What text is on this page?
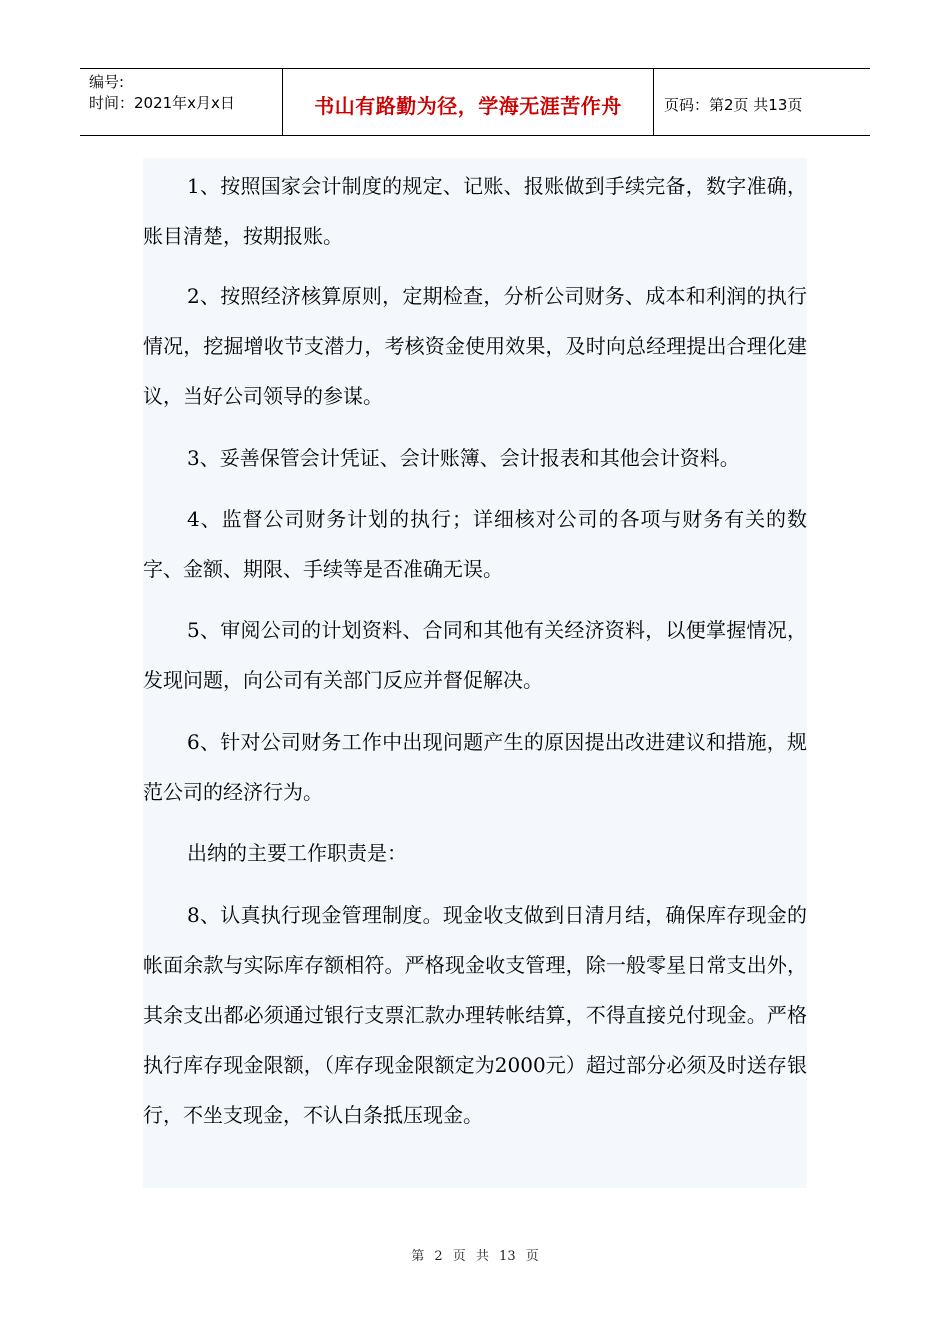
编号:
时间：2021年x月x日	书山有路勤为径，学海无涯苦作舟	页码：第2页 共13页

1、按照国家会计制度的规定、记账、报账做到手续完备，数字准确，账目清楚，按期报账。

2、按照经济核算原则，定期检查，分析公司财务、成本和利润的执行情况，挖掘增收节支潜力，考核资金使用效果，及时向总经理提出合理化建议，当好公司领导的参谋。

3、妥善保管会计凭证、会计账簿、会计报表和其他会计资料。

4、监督公司财务计划的执行；详细核对公司的各项与财务有关的数字、金额、期限、手续等是否准确无误。

5、审阅公司的计划资料、合同和其他有关经济资料，以便掌握情况，发现问题，向公司有关部门反应并督促解决。

6、针对公司财务工作中出现问题产生的原因提出改进建议和措施，规范公司的经济行为。

出纳的主要工作职责是：

8、认真执行现金管理制度。现金收支做到日清月结，确保库存现金的帐面余款与实际库存额相符。严格现金收支管理，除一般零星日常支出外，其余支出都必须通过银行支票汇款办理转帐结算，不得直接兑付现金。严格执行库存现金限额，（库存现金限额定为2000元）超过部分必须及时送存银行，不坐支现金，不认白条抵压现金。

第 2 页 共 13 页
